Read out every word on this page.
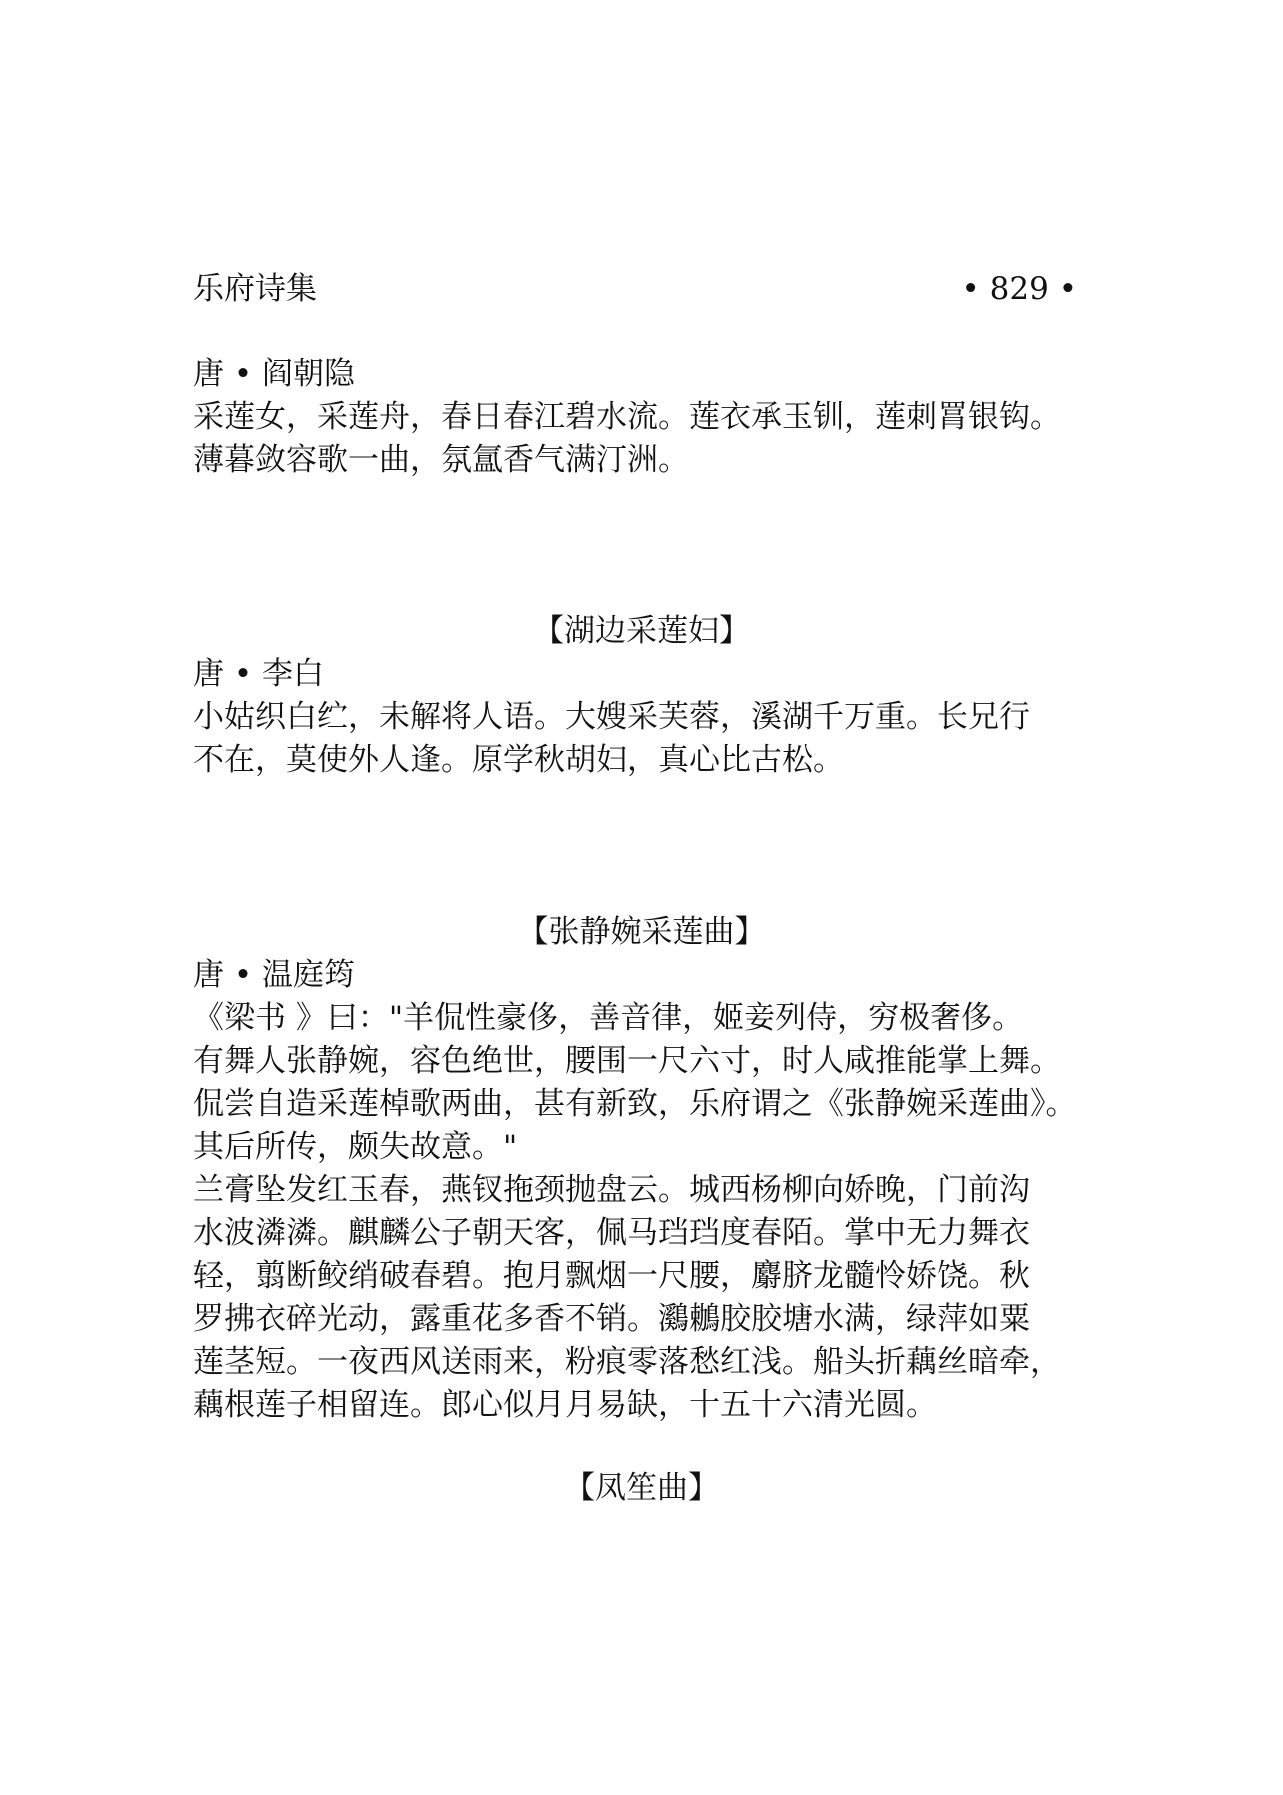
乐府诗集	• 829 •
唐 • 阎朝隐
采莲女，采莲舟，春日春江碧水流。莲衣承玉钏，莲刺罥银钩。
薄暮敛容歌一曲，氛氲香气满汀洲。
【湖边采莲妇】
唐 • 李白
小姑织白纻，未解将人语。大嫂采芙蓉，溪湖千万重。长兄行
不在，莫使外人逢。原学秋胡妇，真心比古松。
【张静婉采莲曲】
唐 • 温庭筠
《梁书 》曰："羊侃性豪侈，善音律，姬妾列侍，穷极奢侈。
有舞人张静婉，容色绝世，腰围一尺六寸，时人咸推能掌上舞。
侃尝自造采莲棹歌两曲，甚有新致，乐府谓之《张静婉采莲曲》。
其后所传，颇失故意。"
兰膏坠发红玉春，燕钗拖颈抛盘云。城西杨柳向娇晚，门前沟
水波潾潾。麒麟公子朝天客，佩马珰珰度春陌。掌中无力舞衣
轻，翦断鲛绡破春碧。抱月飘烟一尺腰，麝脐龙髓怜娇饶。秋
罗拂衣碎光动，露重花多香不销。鸂鶒胶胶塘水满，绿萍如粟
莲茎短。一夜西风送雨来，粉痕零落愁红浅。船头折藕丝暗牵，
藕根莲子相留连。郎心似月月易缺，十五十六清光圆。
【凤笙曲】
